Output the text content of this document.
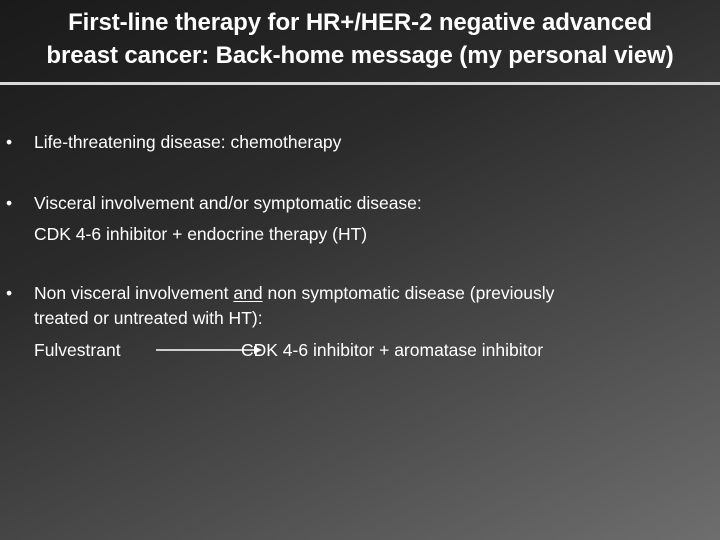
First-line therapy for HR+/HER-2 negative advanced
breast cancer: Back-home message (my personal view)
• Life-threatening disease: chemotherapy
• Visceral involvement and/or symptomatic disease:
CDK 4-6 inhibitor + endocrine therapy (HT)
• Non visceral involvement and non symptomatic disease (previously
treated or untreated with HT):
Fulvestrant	CDK 4-6 inhibitor + aromatase inhibitor
